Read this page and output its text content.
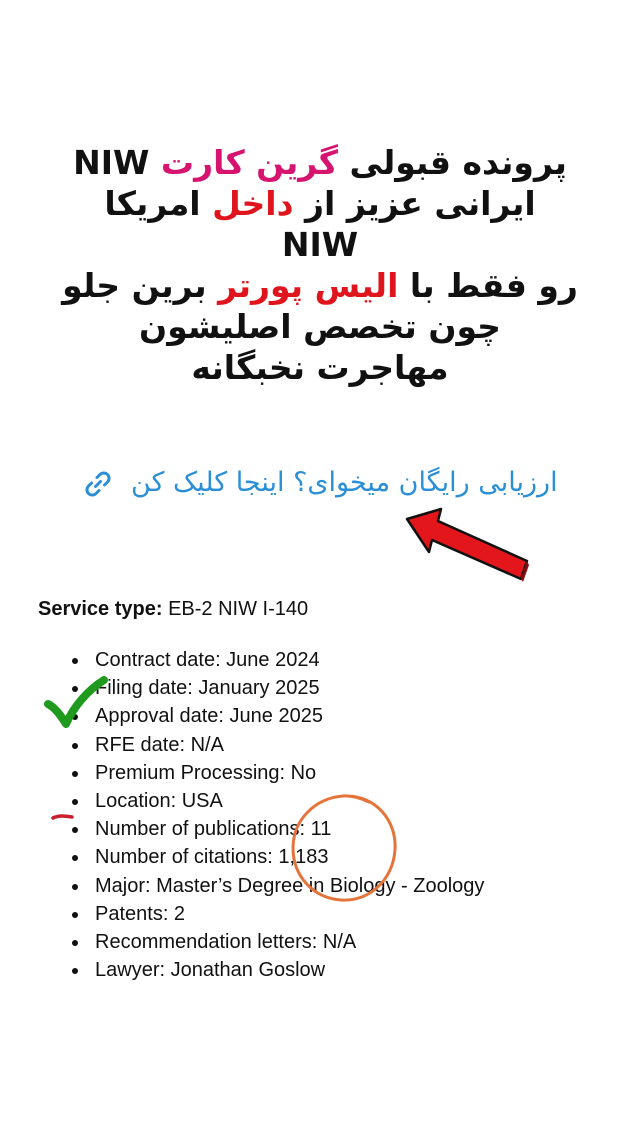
پرونده قبولی گرین کارت NIW
ایرانی عزیز از داخل امریکا
NIW
رو فقط با الیس پورتر برین جلو
چون تخصص اصلیشون
مهاجرت نخبگانه
ارزیابی رایگان میخوای؟ اینجا کلیک کن
Service type: EB-2 NIW I-140
Contract date: June 2024
Filing date: January 2025
Approval date: June 2025
RFE date: N/A
Premium Processing: No
Location: USA
Number of publications: 11
Number of citations: 1,183
Major: Master’s Degree in Biology - Zoology
Patents: 2
Recommendation letters: N/A
Lawyer: Jonathan Goslow
